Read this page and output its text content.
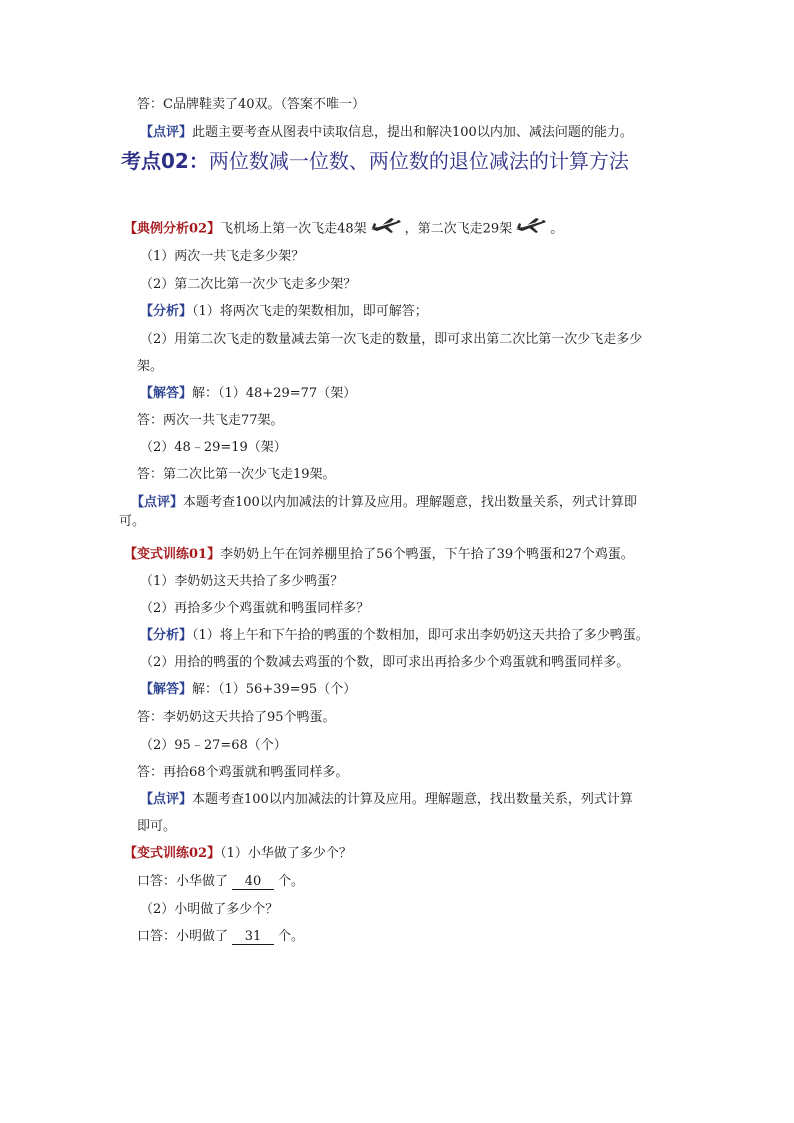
答：C品牌鞋卖了40双。（答案不唯一）
【点评】此题主要考查从图表中读取信息，提出和解决100以内加、减法问题的能力。
考点02：两位数减一位数、两位数的退位减法的计算方法
【典例分析02】飞机场上第一次飞走48架	，第二次飞走29架	。
（1）两次一共飞走多少架？
（2）第二次比第一次少飞走多少架？
【分析】（1）将两次飞走的架数相加，即可解答；
（2）用第二次飞走的数量减去第一次飞走的数量，即可求出第二次比第一次少飞走多少
架。
【解答】解：（1）48+29=77（架）
答：两次一共飞走77架。
（2）48﹣29=19（架）
答：第二次比第一次少飞走19架。
【点评】本题考查100以内加减法的计算及应用。理解题意，找出数量关系，列式计算即
可。
【变式训练01】李奶奶上午在饲养棚里拾了56个鸭蛋，下午拾了39个鸭蛋和27个鸡蛋。
（1）李奶奶这天共拾了多少鸭蛋？
（2）再拾多少个鸡蛋就和鸭蛋同样多？
【分析】（1）将上午和下午拾的鸭蛋的个数相加，即可求出李奶奶这天共拾了多少鸭蛋。
（2）用拾的鸭蛋的个数减去鸡蛋的个数，即可求出再拾多少个鸡蛋就和鸭蛋同样多。
【解答】解：（1）56+39=95（个）
答：李奶奶这天共拾了95个鸭蛋。
（2）95﹣27=68（个）
答：再拾68个鸡蛋就和鸭蛋同样多。
【点评】本题考查100以内加减法的计算及应用。理解题意，找出数量关系，列式计算
即可。
【变式训练02】（1）小华做了多少个？
口答：小华做了 40 个。
（2）小明做了多少个？
口答：小明做了 31 个。
